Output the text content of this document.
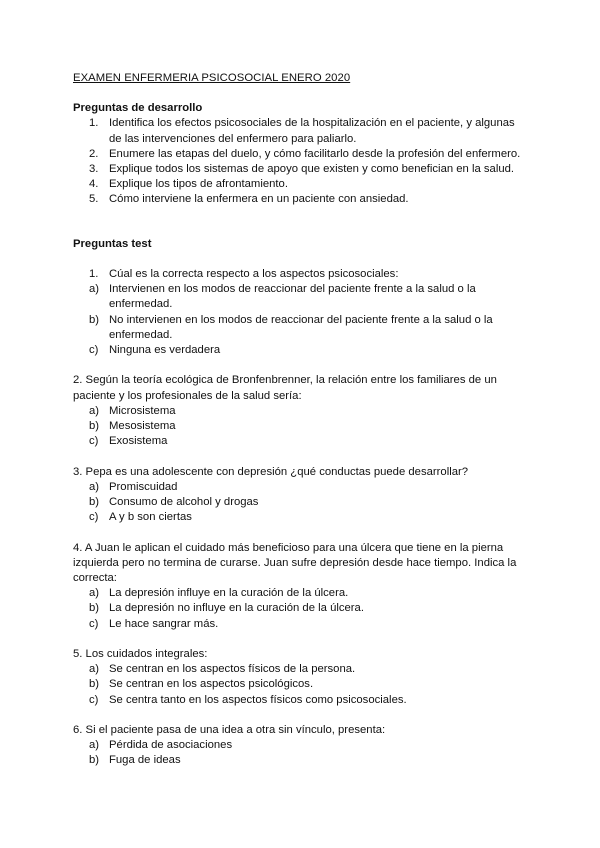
EXAMEN ENFERMERIA PSICOSOCIAL ENERO 2020
Preguntas de desarrollo
1. Identifica los efectos psicosociales de la hospitalización en el paciente, y algunas de las intervenciones del enfermero para paliarlo.
2. Enumere las etapas del duelo, y cómo facilitarlo desde la profesión del enfermero.
3. Explique todos los sistemas de apoyo que existen y como benefician en la salud.
4. Explique los tipos de afrontamiento.
5. Cómo interviene la enfermera en un paciente con ansiedad.
Preguntas test
1. Cúal es la correcta respecto a los aspectos psicosociales:
a) Intervienen en los modos de reaccionar del paciente frente a la salud o la enfermedad.
b) No intervienen en los modos de reaccionar del paciente frente a la salud o la enfermedad.
c) Ninguna es verdadera
2. Según la teoría ecológica de Bronfenbrenner, la relación entre los familiares de un paciente y los profesionales de la salud sería:
a) Microsistema
b) Mesosistema
c) Exosistema
3. Pepa es una adolescente con depresión ¿qué conductas puede desarrollar?
a) Promiscuidad
b) Consumo de alcohol y drogas
c) A y b son ciertas
4. A Juan le aplican el cuidado más beneficioso para una úlcera que tiene en la pierna izquierda pero no termina de curarse. Juan sufre depresión desde hace tiempo. Indica la correcta:
a) La depresión influye en la curación de la úlcera.
b) La depresión no influye en la curación de la úlcera.
c) Le hace sangrar más.
5. Los cuidados integrales:
a) Se centran en los aspectos físicos de la persona.
b) Se centran en los aspectos psicológicos.
c) Se centra tanto en los aspectos físicos como psicosociales.
6. Si el paciente pasa de una idea a otra sin vínculo, presenta:
a) Pérdida de asociaciones
b) Fuga de ideas
